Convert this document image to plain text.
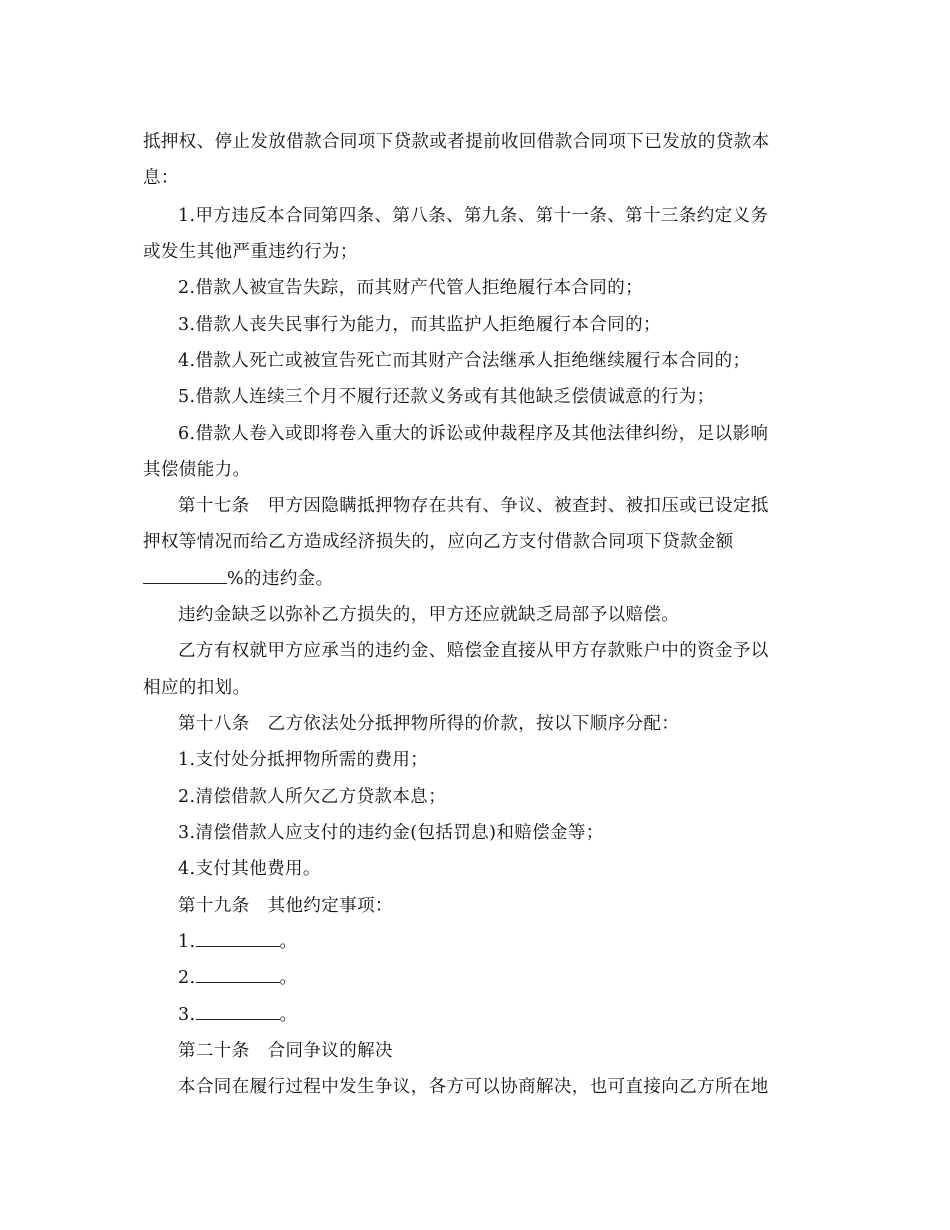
抵押权、停止发放借款合同项下贷款或者提前收回借款合同项下已发放的贷款本
息：
1.甲方违反本合同第四条、第八条、第九条、第十一条、第十三条约定义务
或发生其他严重违约行为；
2.借款人被宣告失踪，而其财产代管人拒绝履行本合同的；
3.借款人丧失民事行为能力，而其监护人拒绝履行本合同的；
4.借款人死亡或被宣告死亡而其财产合法继承人拒绝继续履行本合同的；
5.借款人连续三个月不履行还款义务或有其他缺乏偿债诚意的行为；
6.借款人卷入或即将卷入重大的诉讼或仲裁程序及其他法律纠纷，足以影响
其偿债能力。
第十七条 甲方因隐瞒抵押物存在共有、争议、被查封、被扣压或已设定抵
押权等情况而给乙方造成经济损失的，应向乙方支付借款合同项下贷款金额
%的违约金。
违约金缺乏以弥补乙方损失的，甲方还应就缺乏局部予以赔偿。
乙方有权就甲方应承当的违约金、赔偿金直接从甲方存款账户中的资金予以
相应的扣划。
第十八条 乙方依法处分抵押物所得的价款，按以下顺序分配：
1.支付处分抵押物所需的费用；
2.清偿借款人所欠乙方贷款本息；
3.清偿借款人应支付的违约金(包括罚息)和赔偿金等；
4.支付其他费用。
第十九条 其他约定事项：
1.	。
2.	。
3.	。
第二十条 合同争议的解决
本合同在履行过程中发生争议，各方可以协商解决，也可直接向乙方所在地
